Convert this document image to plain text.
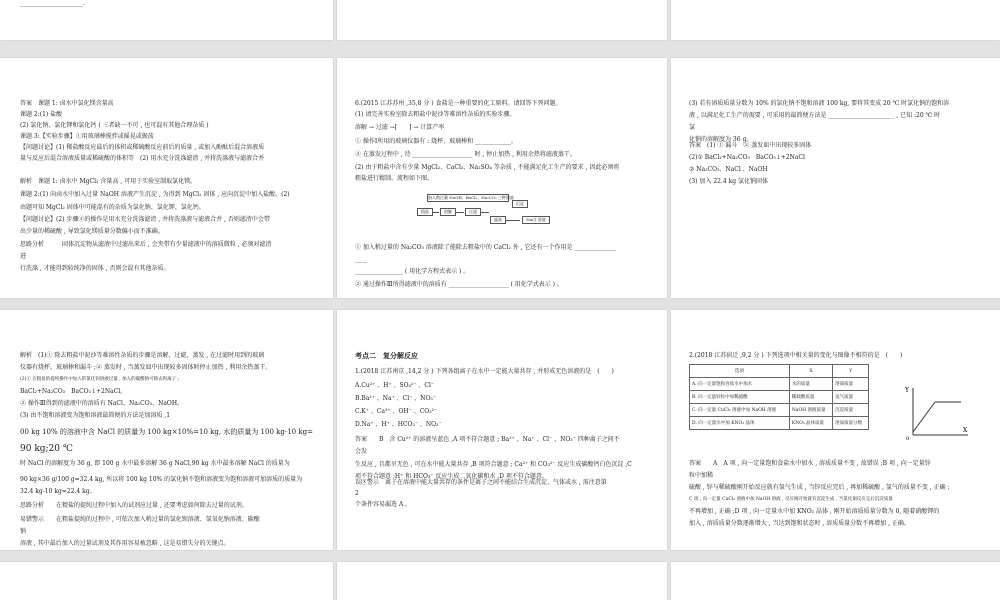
_____________________.
答案　课题 1: 卤水中氯化镁含量高
课题 2:(1) 盐酸
(2) 氯化钠、氯化钾和氯化钙 ( 三者缺一不可 , 也可混有其他合理杂质 )
课题 3:【实验步骤】①用玻璃棒搅拌或摇晃或振荡
【问题讨论】(1) 稀盐酸反应最后的体积或稀硫酸反应前后的质量 , 或加入酚酞后混合溶液质
量与反应后混合溶液质量或稀硫酸的体积等　(2) 用水充分洗涤滤渣 , 并将洗涤液与滤液合并
解析　课题 1: 卤水中 MgCl₂ 含量高 , 可用于实验室制取氯化镁。
课题 2:(1) 向卤水中加入过量 NaOH 溶液产生沉淀 , 为得到 MgCl₂ 固体 , 应向沉淀中加入盐酸。(2)
由题可知 MgCl₂ 固体中可能混有的杂质为氯化钠、氯化钾、氯化钙。
【问题讨论】(2) 步骤④的操作是用水充分洗涤滤渣 , 并将洗涤液与滤液合并 , 否则滤渣中会带
出少量的稀硫酸 , 导致氯化镁质量分数偏小而不准确。
思路分析　　　固体沉淀物从滤液中过滤出来后 , 会夹带有少量滤液中的溶质微粒 , 必须对滤渣
进
行洗涤 , 才能得到较纯净的固体 , 否则会混有其他杂质。
6.(2015 江苏苏州 ,35,8 分 ) 食盐是一种重要的化工原料。请回答下列问题。
(1) 请完善实验室除去粗盐中泥沙等难溶性杂质的实验步骤。
溶解 → 过滤 →[　　] → 计算产率
① 操作Ⅰ所用的玻璃仪器有 : 烧杯、玻璃棒和 ____________。
② 在蒸发过程中 , 待 ____________________ 时 , 停止加热 , 利用余热将滤液蒸干。
(2) 由于粗盐中含有少量 MgCl₂、CaCl₂、Na₂SO₄ 等杂质 , 不能满足化工生产的要求 , 因此必须将
粗盐进行精制。流程如下图。
粗盐	溶解
加入稍过量 NaOH、BaCl₂、Na₂CO₃ 三种溶液
过滤
滤液
沉淀
NaCl 溶液
① 加入稍过量的 Na₂CO₃ 溶液除了能除去粗盐中的 CaCl₂ 外 , 它还有一个作用是 ______________
____
________________ ( 用化学方程式表示 ) 。
② 通过操作Ⅲ所得滤液中的溶质有 ____________________ ( 用化学式表示 ) 。
(3) 若有溶质质量分数为 10% 的氯化钠不饱和溶液 100 kg, 要将其变成 20 ℃ 时氯化钠的饱和溶
液 , 以满足化工生产的需要 , 可采用的最简便方法是 ______________________ , 已知 :20 ℃ 时
氯
化钠的溶解度为 36 g。
答案　(1) ① 漏斗　② 蒸发皿中出现较多固体
(2)① BaCl₂+Na₂CO₃　BaCO₃↓+2NaCl
② Na₂CO₃、NaCl 、NaOH
(3) 加入 22.4 kg 氯化钠固体
解析　(1)① 除去粗盐中泥沙等难溶性杂质的步骤是溶解、过滤、蒸发 , 在过滤时用到的玻璃
仪器有烧杯、玻璃棒和漏斗 ;② 蒸发时 , 当蒸发皿中出现较多固体时停止加热 , 利用余热蒸干。
(2)① 在粗盐的提纯操作中加入的氯化钡溶液过量 , 加入的碳酸钠可除去钡离子 ;
BaCl₂+Na₂CO₃　BaCO₃↓+2NaCl。
② 操作Ⅲ得到的滤液中的溶质有 NaCl、Na₂CO₃、NaOH。
(3) 由不饱和溶液变为饱和溶液最简便的方法是加溶质 ,1
00 kg 10% 的溶液中含 NaCl 的质量为 100 kg×10%=10 kg, 水的质量为 100 kg-10 kg=
90 kg;20 ℃
时 NaCl 的溶解度为 36 g, 即 100 g 水中最多溶解 36 g NaCl,90 kg 水中最多溶解 NaCl 的质量为
90 kg×36 g/100 g=32.4 kg, 所以将 100 kg 10% 的氯化钠不饱和溶液变为饱和溶液可加溶质的质量为
32.4 kg-10 kg=22.4 kg。
思路分析　　在精盐的提纯过程中加入的试剂应过量 , 还要考虑如何除去过量的试剂。
易错警示　　在粗盐提纯的过程中 , 可依次加入稍过量的氯化钡溶液、氢氧化钠溶液、碳酸
钠
溶液 , 其中最后加入的过量试剂及其作用容易被忽略 , 这是易错失分的关键点。
考点二　复分解反应
1.(2018 江苏南京 ,14,2 分 ) 下列各组离子在水中一定能大量共存 , 并形成无色溶液的是　(　　)
A.Cu²⁺ 、H⁺ 、SO₄²⁻ 、Cl⁻
B.Ba²⁺ 、Na⁺ 、Cl⁻ 、NO₃⁻
C.K⁺ 、Ca²⁺ 、OH⁻ 、CO₃²⁻
D.Na⁺ 、H⁺ 、HCO₃⁻ 、NO₃⁻
答案　　B　含 Cu²⁺ 的溶液呈蓝色 ,A 项不符合题意 ; Ba²⁺ 、Na⁺ 、Cl⁻ 、NO₃⁻ 四种离子之间不
会发
生反应 , 且都呈无色 , 可在水中能大量共存 ,B 项符合题意 ; Ca²⁺ 和 CO₃²⁻ 反应生成碳酸钙白色沉淀 ,C
项不符合题意 ;H⁺ 和 HCO₃⁻ 反应生成二氧化碳和水 ,D 项不符合题意。
误区警示　离子在溶液中能大量共存的条件是离子之间不能结合生成沉淀、气体或水 , 需注意第
2
个条件容易漏选 A 。
2.(2018 江苏宿迁 ,9,2 分 ) 下列选项中相关量的变化与图像不相符的是　(　　)
选项	X	Y
A. 向一定量饱和食盐水中加水	水的质量	溶质质量
B. 向一定量锌粒中加稀硫酸	稀硫酸质量	氢气质量
C. 向一定量 CuCl₂ 溶液中加 NaOH 溶液	NaOH 溶液质量	沉淀质量
D. 向一定量水中加 KNO₃ 晶体	KNO₃ 晶体质量	溶质质量分数
Y
X
0
答案　　A　A 项 , 向一定量饱和食盐水中加水 , 溶质质量不变 , 故错误 ;B 项 , 向一定量锌
粒中加稀
硫酸 , 锌与稀硫酸刚开始反应就有氢气生成 , 当锌反应完后 , 再加稀硫酸 , 氢气的质量不变 , 正确 ;
C 项 , 向一定量 CuCl₂ 溶液中加 NaOH 溶液 , 反应刚开始就有沉淀生成 , 当氯化铜反应完后沉淀质量
不再增加 , 正确 ;D 项 , 向一定量水中加 KNO₃ 晶体 , 刚开始溶质质量分数为 0, 随着硝酸钾的
加入 , 溶质质量分数逐渐增大 , 当达到饱和状态时 , 溶质质量分数不再增加 , 正确。
